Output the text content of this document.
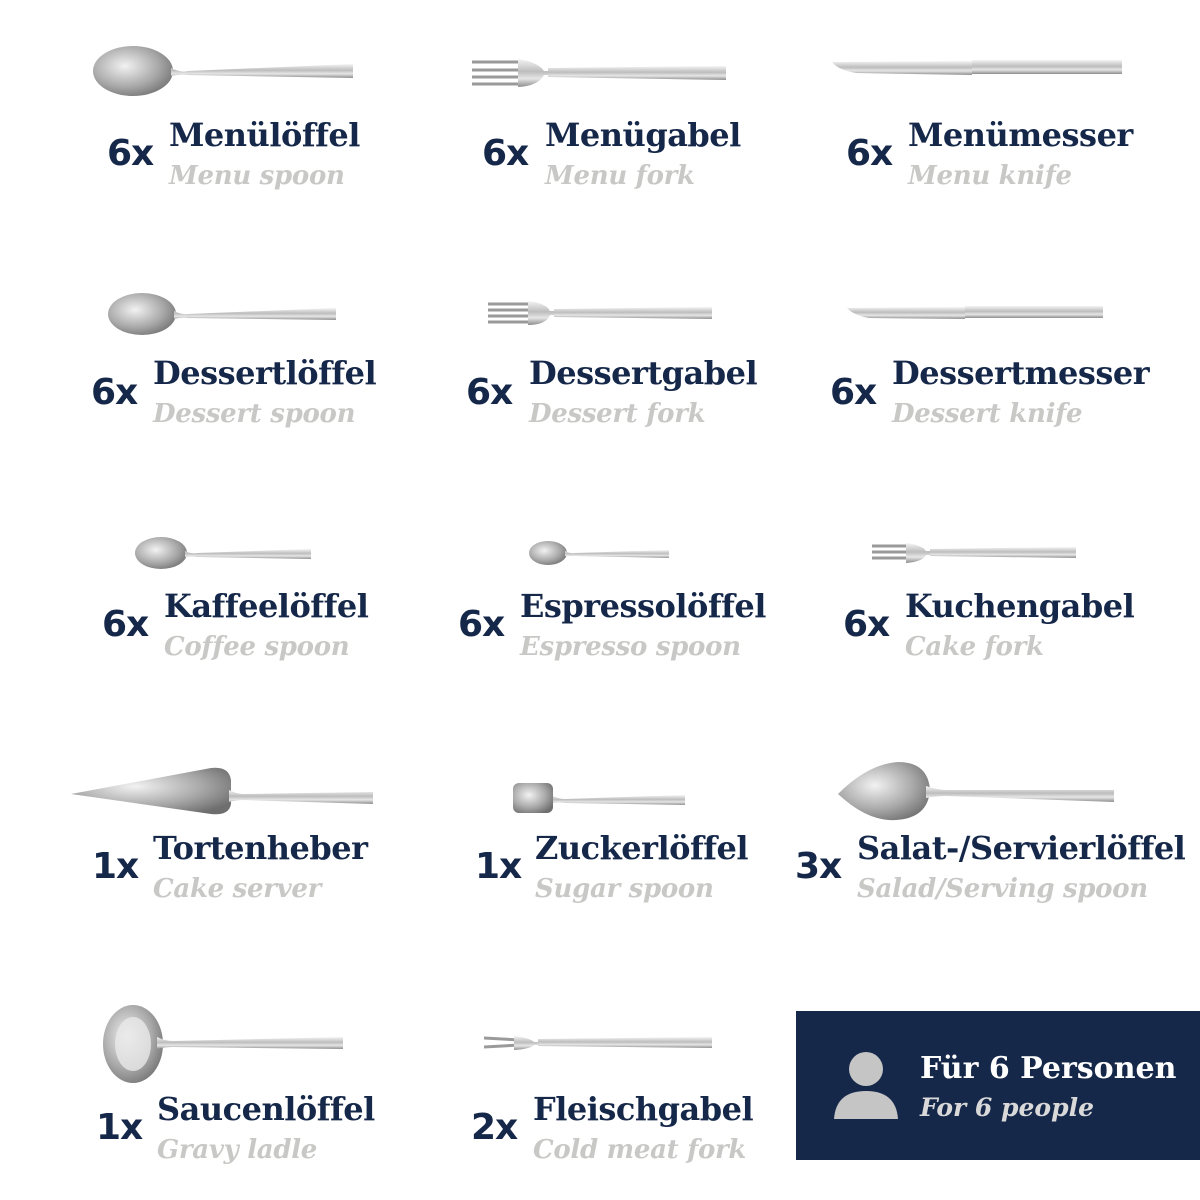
6x Menülöffel
Menu spoon
6x Menügabel
Menu fork
6x Menümesser
Menu knife
6x Dessertlöffel
Dessert spoon
6x Dessertgabel
Dessert fork
6x Dessertmesser
Dessert knife
6x Kaffeelöffel
Coffee spoon
6x Espressolöffel
Espresso spoon
6x Kuchengabel
Cake fork
1x Tortenheber
Cake server
1x Zuckerlöffel
Sugar spoon
3x Salat-/Servierlöffel
Salad/Serving spoon
1x Saucenlöffel
Gravy ladle
2x Fleischgabel
Cold meat fork
Für 6 Personen
For 6 people
